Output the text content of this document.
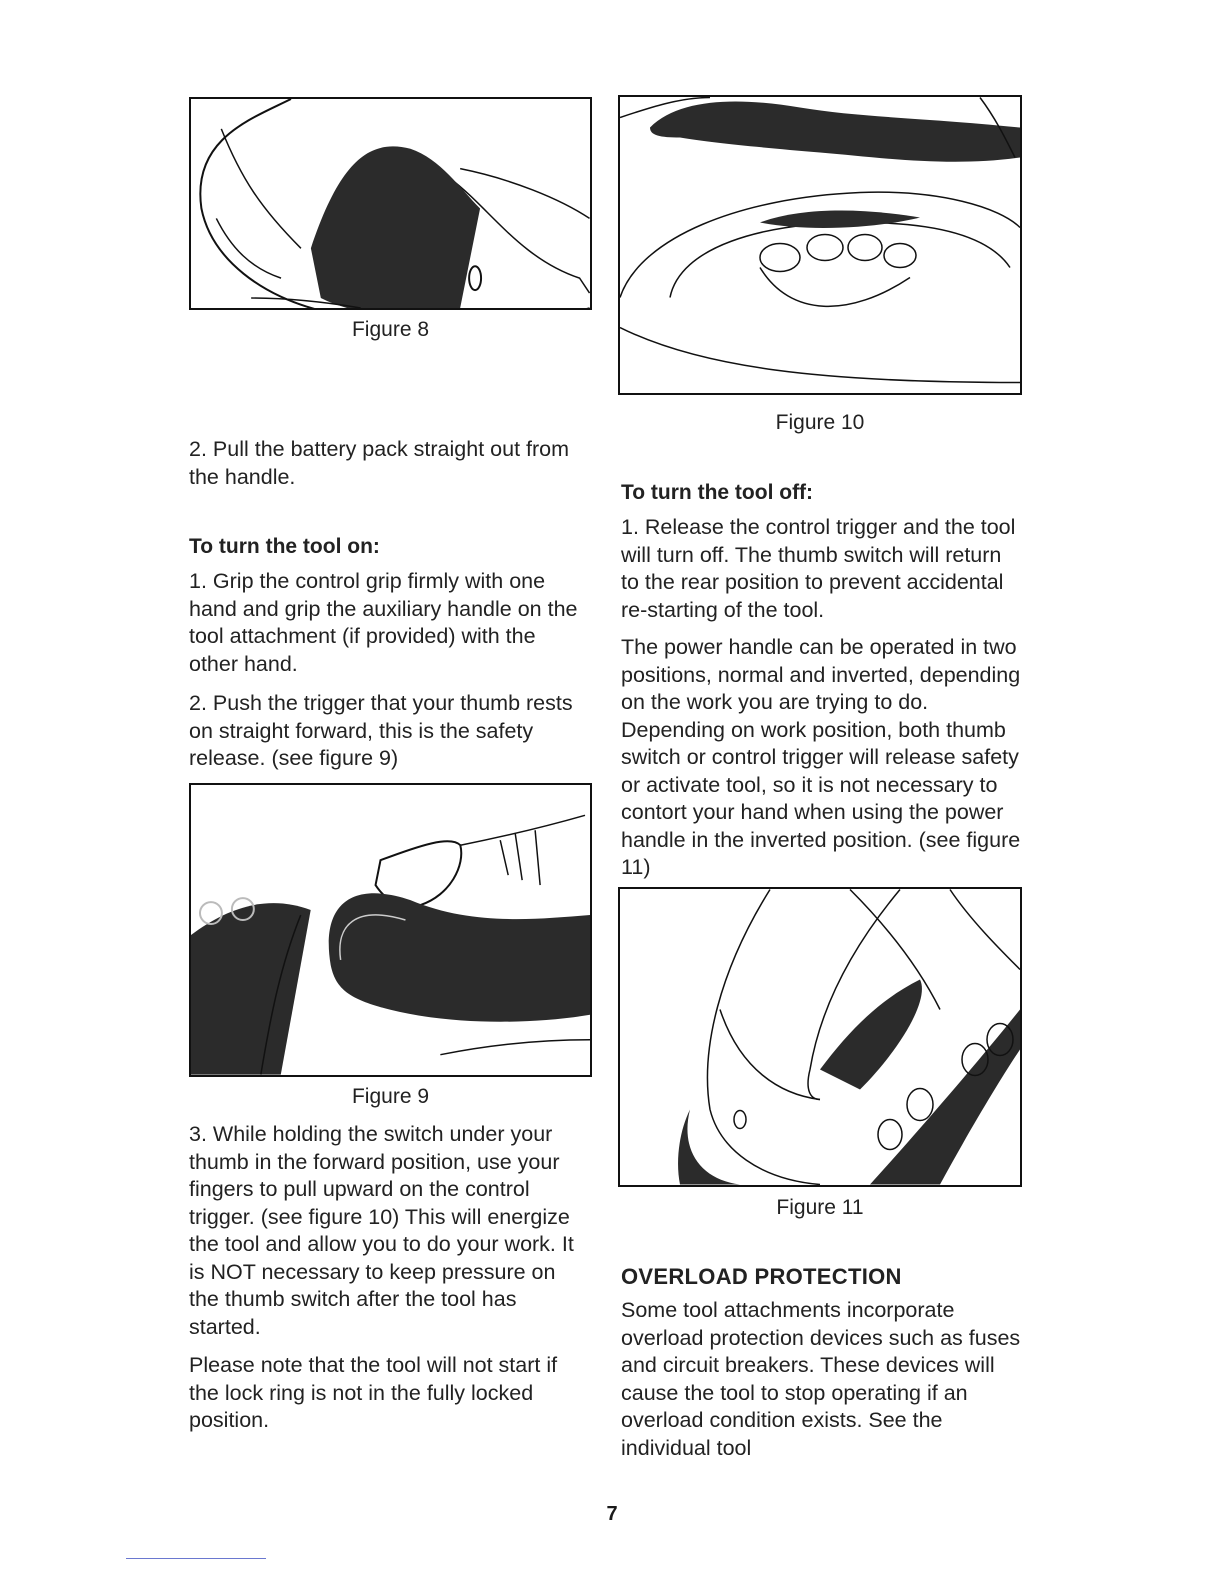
Figure 8

2. Pull the battery pack straight out from the handle.

To turn the tool on:

1. Grip the control grip firmly with one hand and grip the auxiliary handle on the tool attachment (if provided) with the other hand.

2. Push the trigger that your thumb rests on straight forward, this is the safety release. (see figure 9)

Figure 9

3. While holding the switch under your thumb in the forward position, use your fingers to pull upward on the control trigger. (see figure 10) This will energize the tool and allow you to do your work. It is NOT necessary to keep pressure on the thumb switch after the tool has started.

Please note that the tool will not start if the lock ring is not in the fully locked position.

Figure 10

To turn the tool off:

1. Release the control trigger and the tool will turn off. The thumb switch will return to the rear position to prevent accidental re-starting of the tool.

The power handle can be operated in two positions, normal and inverted, depending on the work you are trying to do. Depending on work position, both thumb switch or control trigger will release safety or activate tool, so it is not necessary to contort your hand when using the power handle in the inverted position. (see figure 11)

Figure 11

OVERLOAD PROTECTION

Some tool attachments incorporate overload protection devices such as fuses and circuit breakers. These devices will cause the tool to stop operating if an overload condition exists. See the individual tool

7
